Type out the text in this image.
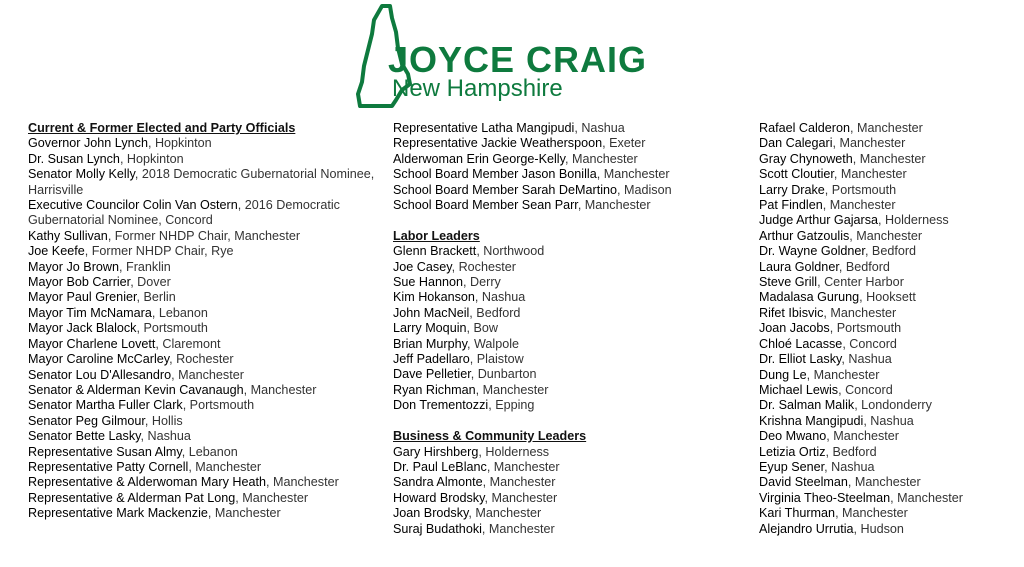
JOYCE CRAIG
New Hampshire
Current & Former Elected and Party Officials
Governor John Lynch, Hopkinton
Dr. Susan Lynch, Hopkinton
Senator Molly Kelly, 2018 Democratic Gubernatorial Nominee, Harrisville
Executive Councilor Colin Van Ostern, 2016 Democratic Gubernatorial Nominee, Concord
Kathy Sullivan, Former NHDP Chair, Manchester
Joe Keefe, Former NHDP Chair, Rye
Mayor Jo Brown, Franklin
Mayor Bob Carrier, Dover
Mayor Paul Grenier, Berlin
Mayor Tim McNamara, Lebanon
Mayor Jack Blalock, Portsmouth
Mayor Charlene Lovett, Claremont
Mayor Caroline McCarley, Rochester
Senator Lou D'Allesandro, Manchester
Senator & Alderman Kevin Cavanaugh, Manchester
Senator Martha Fuller Clark, Portsmouth
Senator Peg Gilmour, Hollis
Senator Bette Lasky, Nashua
Representative Susan Almy, Lebanon
Representative Patty Cornell, Manchester
Representative & Alderwoman Mary Heath, Manchester
Representative & Alderman Pat Long, Manchester
Representative Mark Mackenzie, Manchester
Representative Latha Mangipudi, Nashua
Representative Jackie Weatherspoon, Exeter
Alderwoman Erin George-Kelly, Manchester
School Board Member Jason Bonilla, Manchester
School Board Member Sarah DeMartino, Madison
School Board Member Sean Parr, Manchester
Labor Leaders
Glenn Brackett, Northwood
Joe Casey, Rochester
Sue Hannon, Derry
Kim Hokanson, Nashua
John MacNeil, Bedford
Larry Moquin, Bow
Brian Murphy, Walpole
Jeff Padellaro, Plaistow
Dave Pelletier, Dunbarton
Ryan Richman, Manchester
Don Trementozzi, Epping
Business & Community Leaders
Gary Hirshberg, Holderness
Dr. Paul LeBlanc, Manchester
Sandra Almonte, Manchester
Howard Brodsky, Manchester
Joan Brodsky, Manchester
Suraj Budathoki, Manchester
Rafael Calderon, Manchester
Dan Calegari, Manchester
Gray Chynoweth, Manchester
Scott Cloutier, Manchester
Larry Drake, Portsmouth
Pat Findlen, Manchester
Judge Arthur Gajarsa, Holderness
Arthur Gatzoulis, Manchester
Dr. Wayne Goldner, Bedford
Laura Goldner, Bedford
Steve Grill, Center Harbor
Madalasa Gurung, Hooksett
Rifet Ibisvic, Manchester
Joan Jacobs, Portsmouth
Chloé Lacasse, Concord
Dr. Elliot Lasky, Nashua
Dung Le, Manchester
Michael Lewis, Concord
Dr. Salman Malik, Londonderry
Krishna Mangipudi, Nashua
Deo Mwano, Manchester
Letizia Ortiz, Bedford
Eyup Sener, Nashua
David Steelman, Manchester
Virginia Theo-Steelman, Manchester
Kari Thurman, Manchester
Alejandro Urrutia, Hudson
